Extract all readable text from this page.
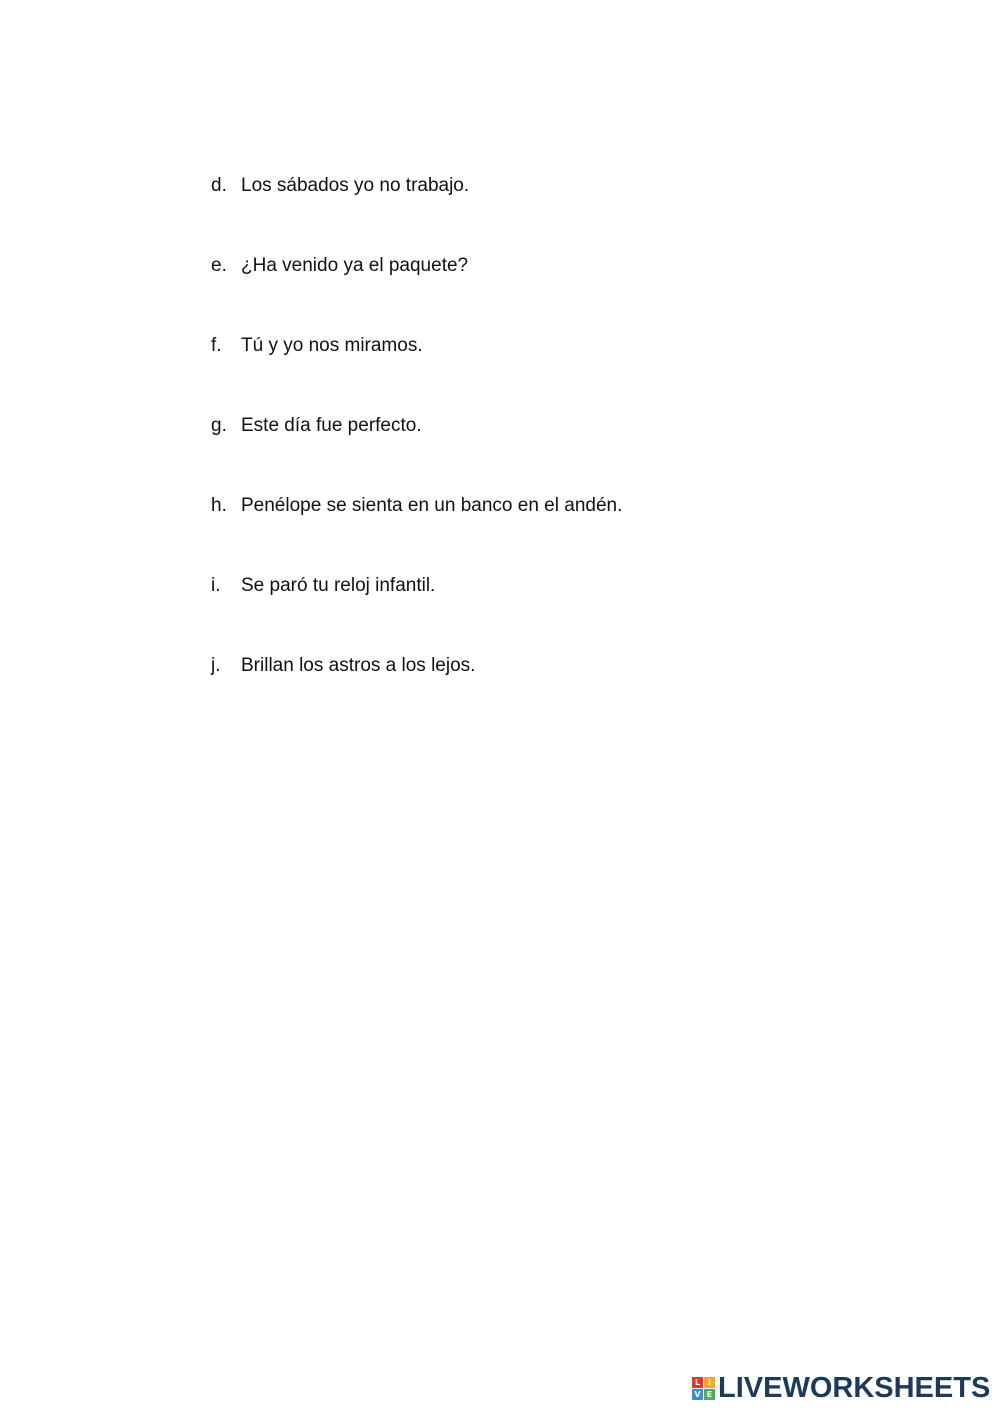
d. Los sábados yo no trabajo.
e. ¿Ha venido ya el paquete?
f.	Tú y yo nos miramos.
g. Este día fue perfecto.
h. Penélope se sienta en un banco en el andén.
i.	Se paró tu reloj infantil.
j.	Brillan los astros a los lejos.
L I
V E LIVEWORKSHEETS
